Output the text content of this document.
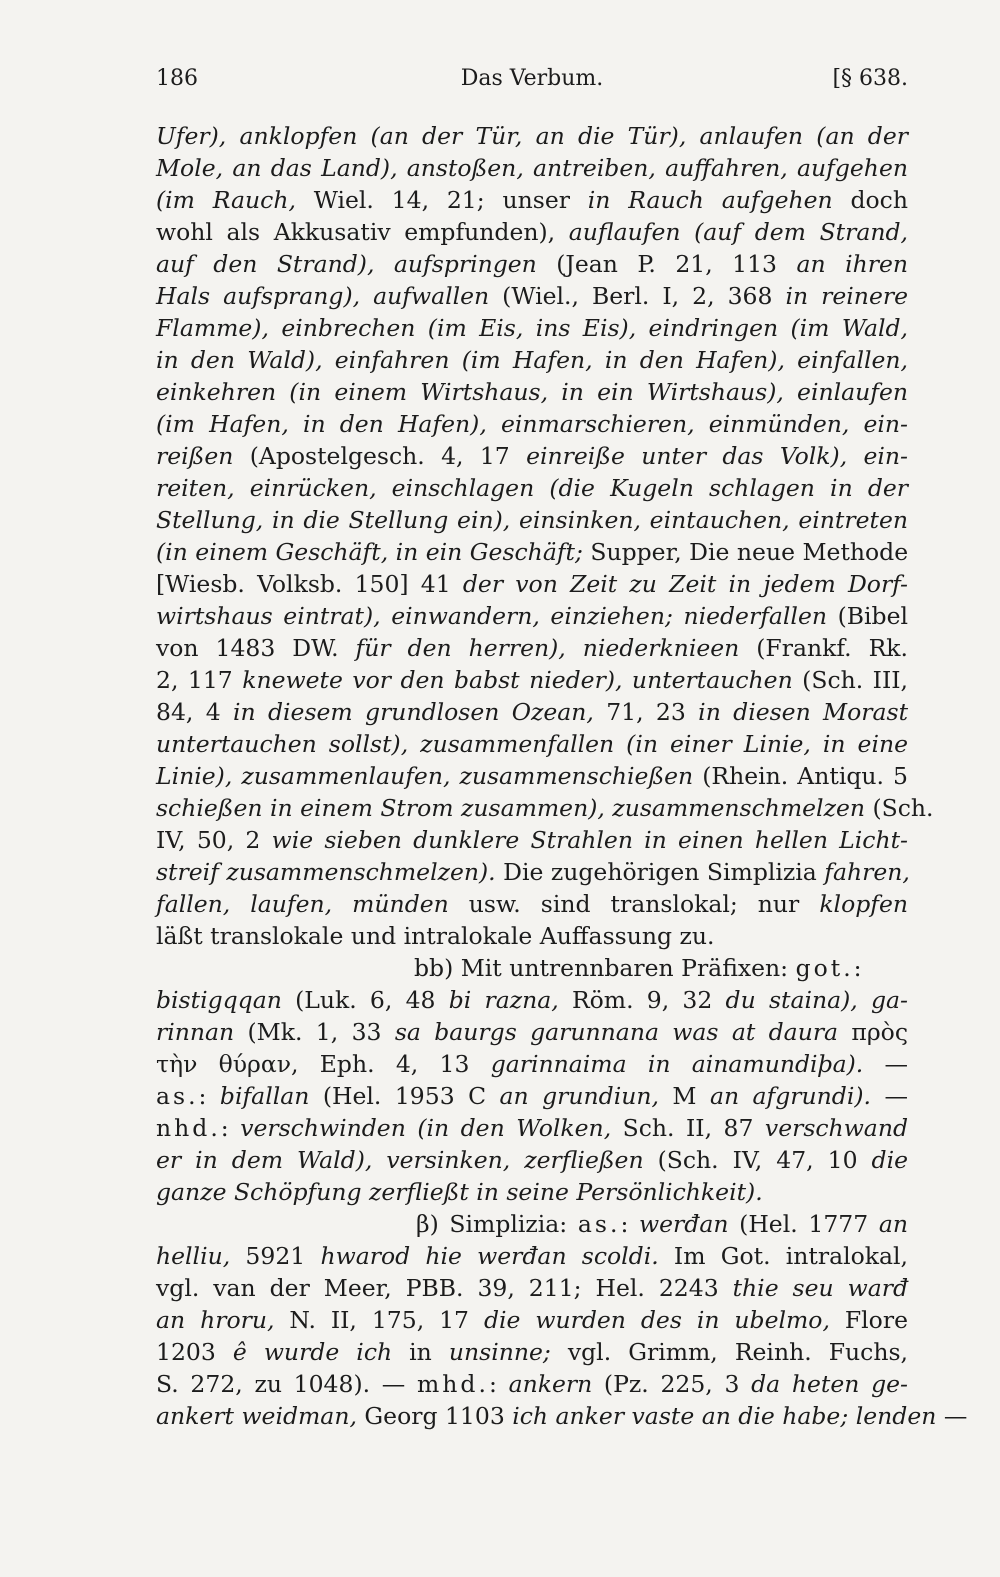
186	Das Verbum.	[§ 638.
Ufer), anklopfen (an der Tür, an die Tür), anlaufen (an der
Mole, an das Land), anstoßen, antreiben, auffahren, aufgehen
(im Rauch, Wiel. 14, 21; unser in Rauch aufgehen doch
wohl als Akkusativ empfunden), auflaufen (auf dem Strand,
auf den Strand), aufspringen (Jean P. 21, 113 an ihren
Hals aufsprang), aufwallen (Wiel., Berl. I, 2, 368 in reinere
Flamme), einbrechen (im Eis, ins Eis), eindringen (im Wald,
in den Wald), einfahren (im Hafen, in den Hafen), einfallen,
einkehren (in einem Wirtshaus, in ein Wirtshaus), einlaufen
(im Hafen, in den Hafen), einmarschieren, einmünden, ein-
reißen (Apostelgesch. 4, 17 einreiße unter das Volk), ein-
reiten, einrücken, einschlagen (die Kugeln schlagen in der
Stellung, in die Stellung ein), einsinken, eintauchen, eintreten
(in einem Geschäft, in ein Geschäft; Supper, Die neue Methode
[Wiesb. Volksb. 150] 41 der von Zeit zu Zeit in jedem Dorf-
wirtshaus eintrat), einwandern, einziehen; niederfallen (Bibel
von 1483 DW. für den herren), niederknieen (Frankf. Rk.
2, 117 knewete vor den babst nieder), untertauchen (Sch. III,
84, 4 in diesem grundlosen Ozean, 71, 23 in diesen Morast
untertauchen sollst), zusammenfallen (in einer Linie, in eine
Linie), zusammenlaufen, zusammenschießen (Rhein. Antiqu. 5
schießen in einem Strom zusammen), zusammenschmelzen (Sch.
IV, 50, 2 wie sieben dunklere Strahlen in einen hellen Licht-
streif zusammenschmelzen). Die zugehörigen Simplizia fahren,
fallen, laufen, münden usw. sind translokal; nur klopfen
läßt translokale und intralokale Auffassung zu.
bb) Mit untrennbaren Präfixen: got.:
bistigqqan (Luk. 6, 48 bi razna, Röm. 9, 32 du staina), ga-
rinnan (Mk. 1, 33 sa baurgs garunnana was at daura πρὸς
τὴν θύραν, Eph. 4, 13 garinnaima in ainamundiþa). —
as.: bifallan (Hel. 1953 C an grundiun, M an afgrundi). —
nhd.: verschwinden (in den Wolken, Sch. II, 87 verschwand
er in dem Wald), versinken, zerfließen (Sch. IV, 47, 10 die
ganze Schöpfung zerfließt in seine Persönlichkeit).
β) Simplizia: as.: werđan (Hel. 1777 an
helliu, 5921 hwarod hie werđan scoldi. Im Got. intralokal,
vgl. van der Meer, PBB. 39, 211; Hel. 2243 thie seu warđ
an hroru, N. II, 175, 17 die wurden des in ubelmo, Flore
1203 ê wurde ich in unsinne; vgl. Grimm, Reinh. Fuchs,
S. 272, zu 1048). — mhd.: ankern (Pz. 225, 3 da heten ge-
ankert weidman, Georg 1103 ich anker vaste an die habe; lenden —
